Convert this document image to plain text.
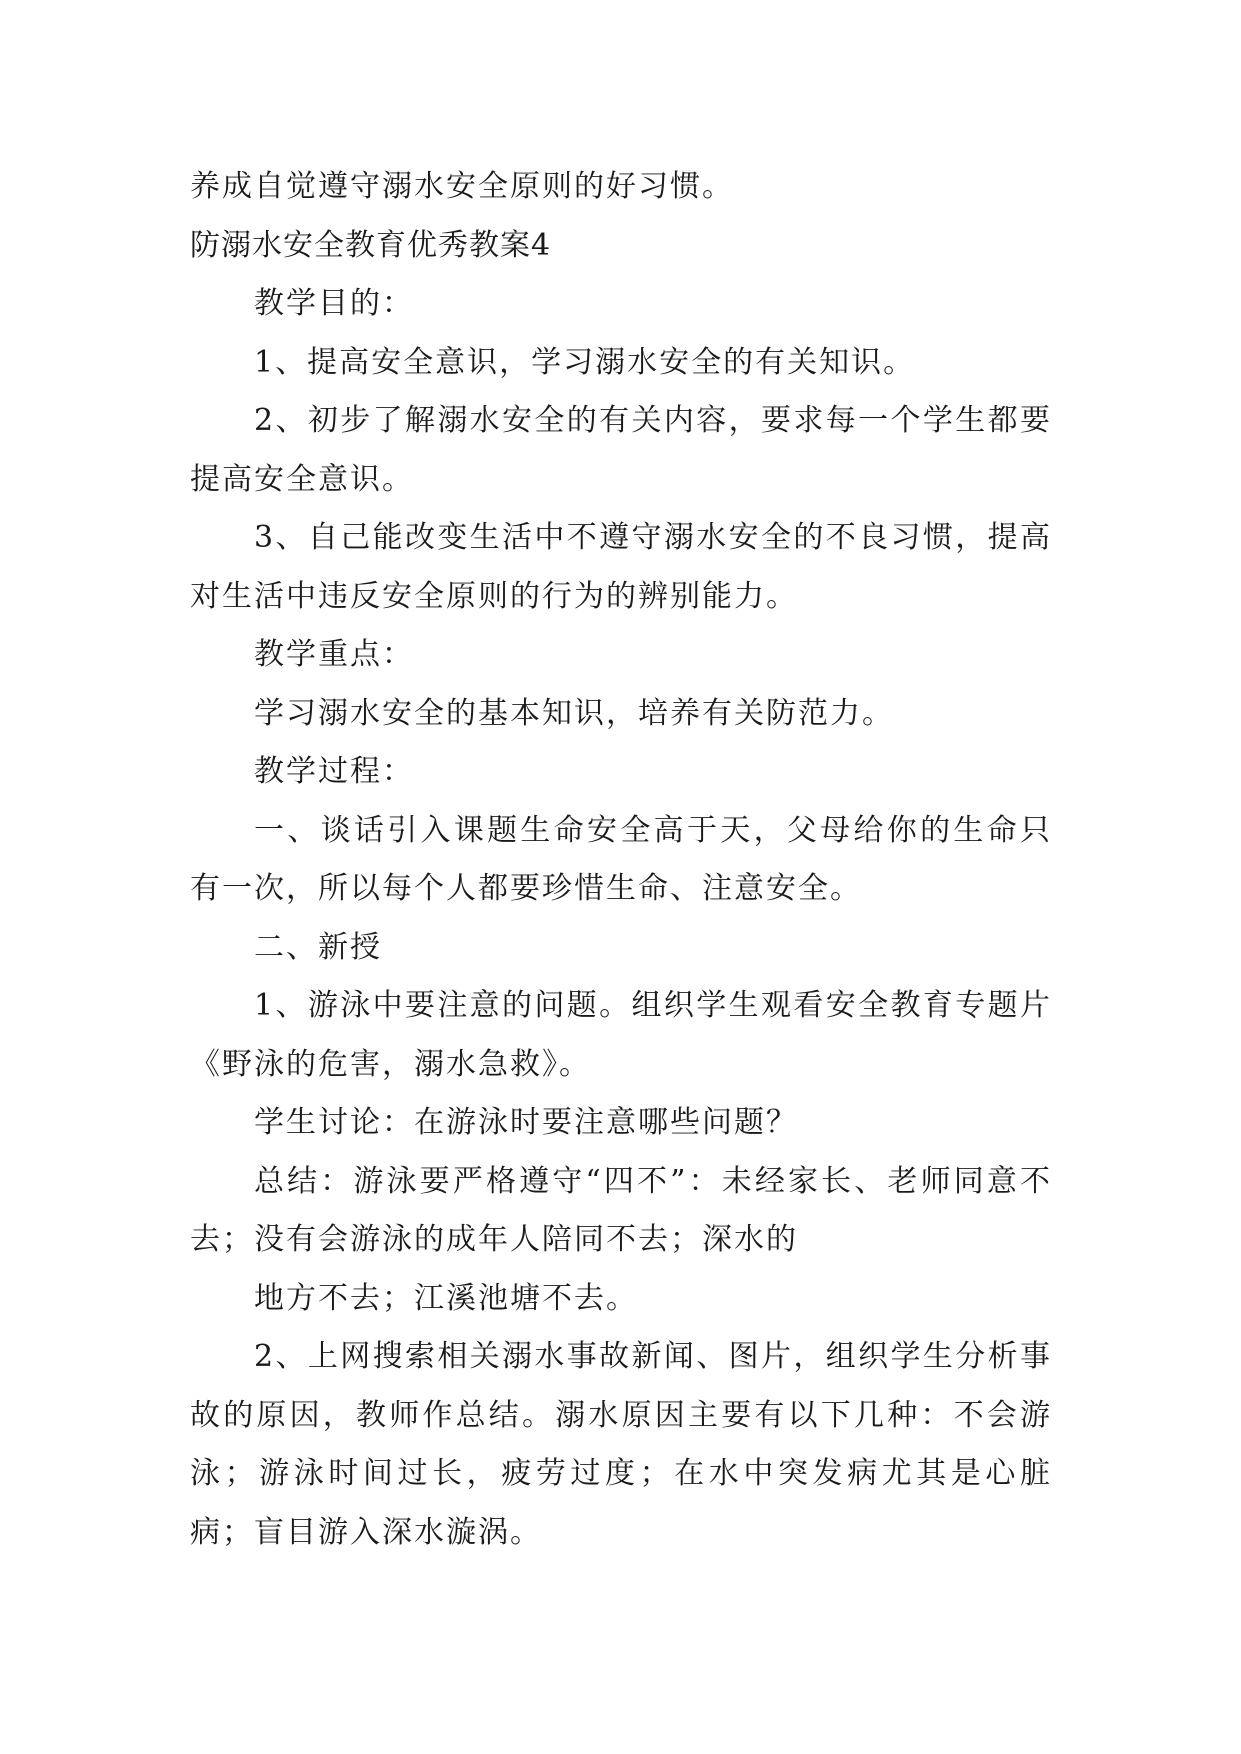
养成自觉遵守溺水安全原则的好习惯。

防溺水安全教育优秀教案4

教学目的：

1、提高安全意识，学习溺水安全的有关知识。

2、初步了解溺水安全的有关内容，要求每一个学生都要提高安全意识。

3、自己能改变生活中不遵守溺水安全的不良习惯，提高对生活中违反安全原则的行为的辨别能力。

教学重点：

学习溺水安全的基本知识，培养有关防范力。

教学过程：

一、谈话引入课题生命安全高于天，父母给你的生命只有一次，所以每个人都要珍惜生命、注意安全。

二、新授

1、游泳中要注意的问题。组织学生观看安全教育专题片《野泳的危害，溺水急救》。

学生讨论：在游泳时要注意哪些问题？

总结：游泳要严格遵守“四不”：未经家长、老师同意不去；没有会游泳的成年人陪同不去；深水的

地方不去；江溪池塘不去。

2、上网搜索相关溺水事故新闻、图片，组织学生分析事故的原因，教师作总结。溺水原因主要有以下几种：不会游泳；游泳时间过长，疲劳过度；在水中突发病尤其是心脏病；盲目游入深水漩涡。
